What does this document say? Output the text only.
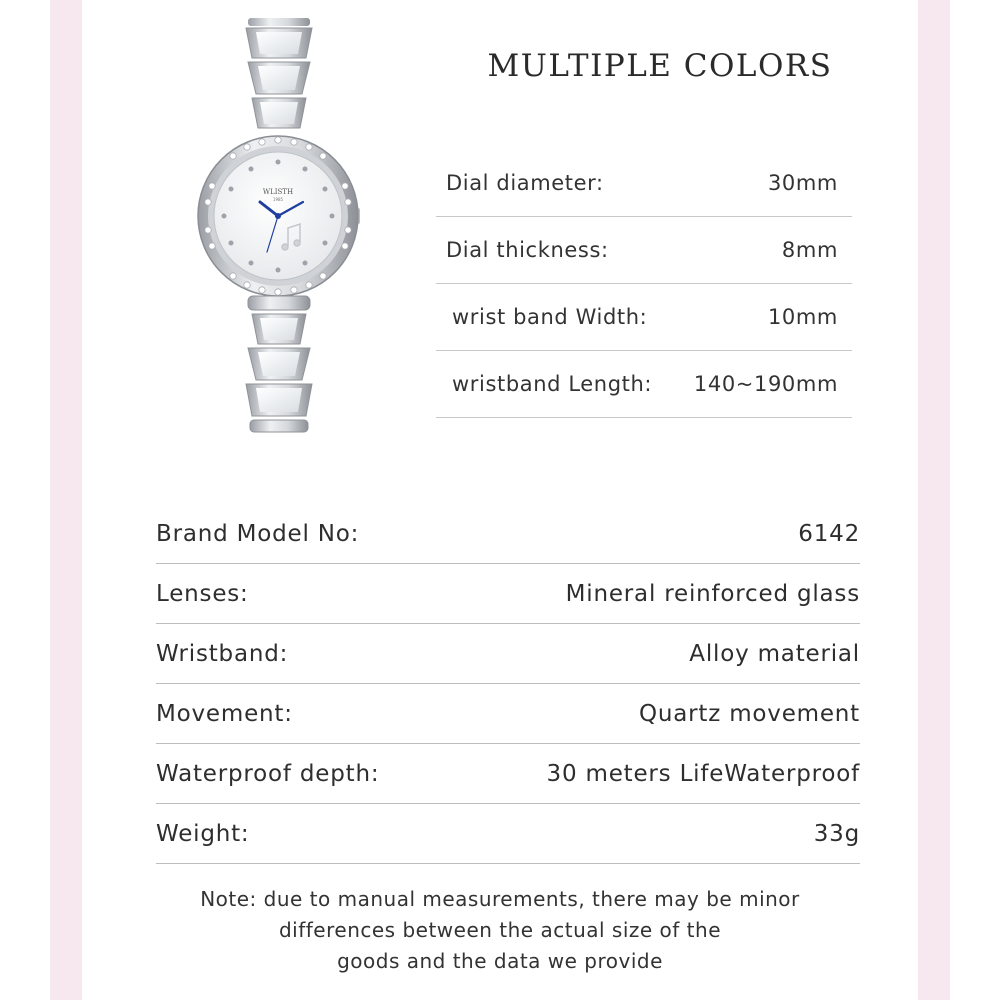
WLISTH
1985
MULTIPLE COLORS
Dial diameter:	30mm
Dial thickness:	8mm
wrist band Width:	10mm
wristband Length: 140~190mm
Brand Model No:	6142
Lenses:	Mineral reinforced glass
Wristband:	Alloy material
Movement:	Quartz movement
Waterproof depth:	30 meters LifeWaterproof
Weight:	33g
Note: due to manual measurements, there may be minor
differences between the actual size of the
goods and the data we provide
